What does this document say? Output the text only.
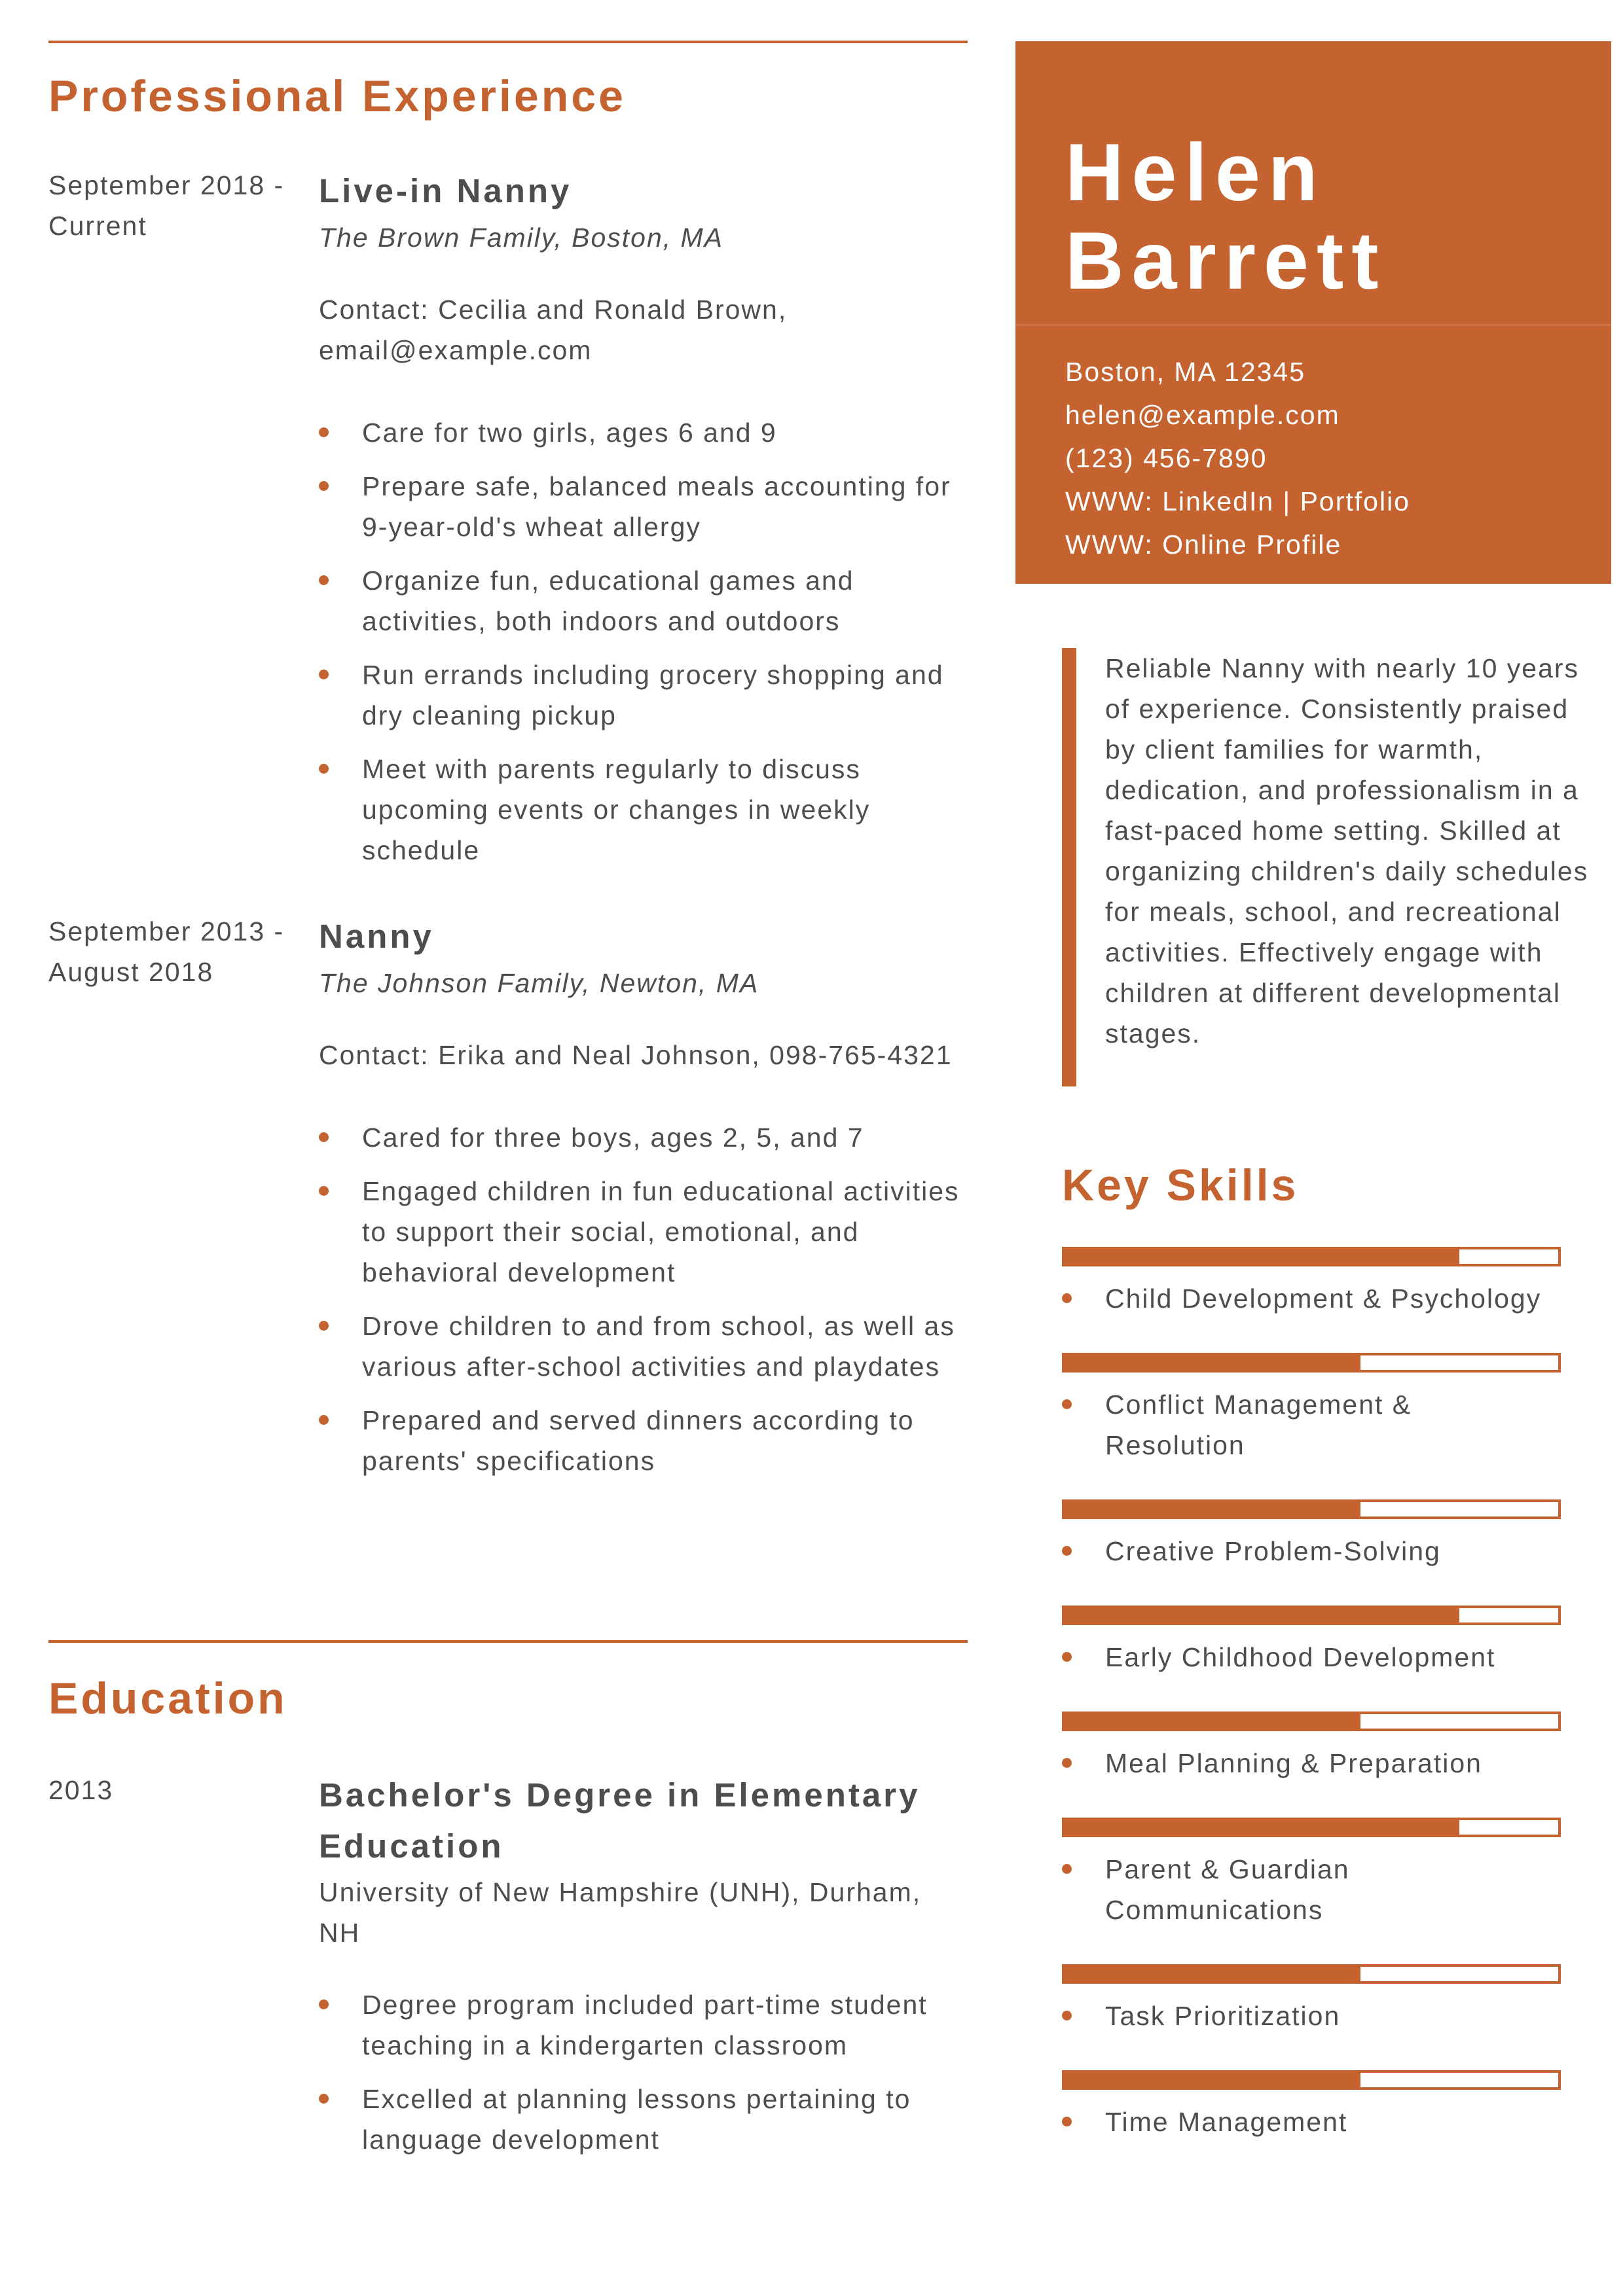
Professional Experience
September 2018 - Current
Live-in Nanny
The Brown Family, Boston, MA
Contact: Cecilia and Ronald Brown, email@example.com
Care for two girls, ages 6 and 9
Prepare safe, balanced meals accounting for 9-year-old's wheat allergy
Organize fun, educational games and activities, both indoors and outdoors
Run errands including grocery shopping and dry cleaning pickup
Meet with parents regularly to discuss upcoming events or changes in weekly schedule
September 2013 - August 2018
Nanny
The Johnson Family, Newton, MA
Contact: Erika and Neal Johnson, 098-765-4321
Cared for three boys, ages 2, 5, and 7
Engaged children in fun educational activities to support their social, emotional, and behavioral development
Drove children to and from school, as well as various after-school activities and playdates
Prepared and served dinners according to parents' specifications
Education
2013	Bachelor's Degree in Elementary Education
University of New Hampshire (UNH), Durham, NH
Degree program included part-time student teaching in a kindergarten classroom
Excelled at planning lessons pertaining to language development
Helen
Barrett
Boston, MA 12345
helen@example.com
(123) 456-7890
WWW: LinkedIn | Portfolio
WWW: Online Profile
Reliable Nanny with nearly 10 years of experience. Consistently praised by client families for warmth, dedication, and professionalism in a fast-paced home setting. Skilled at organizing children's daily schedules for meals, school, and recreational activities. Effectively engage with children at different developmental stages.
Key Skills
Child Development & Psychology
Conflict Management & Resolution
Creative Problem-Solving
Early Childhood Development
Meal Planning & Preparation
Parent & Guardian Communications
Task Prioritization
Time Management
